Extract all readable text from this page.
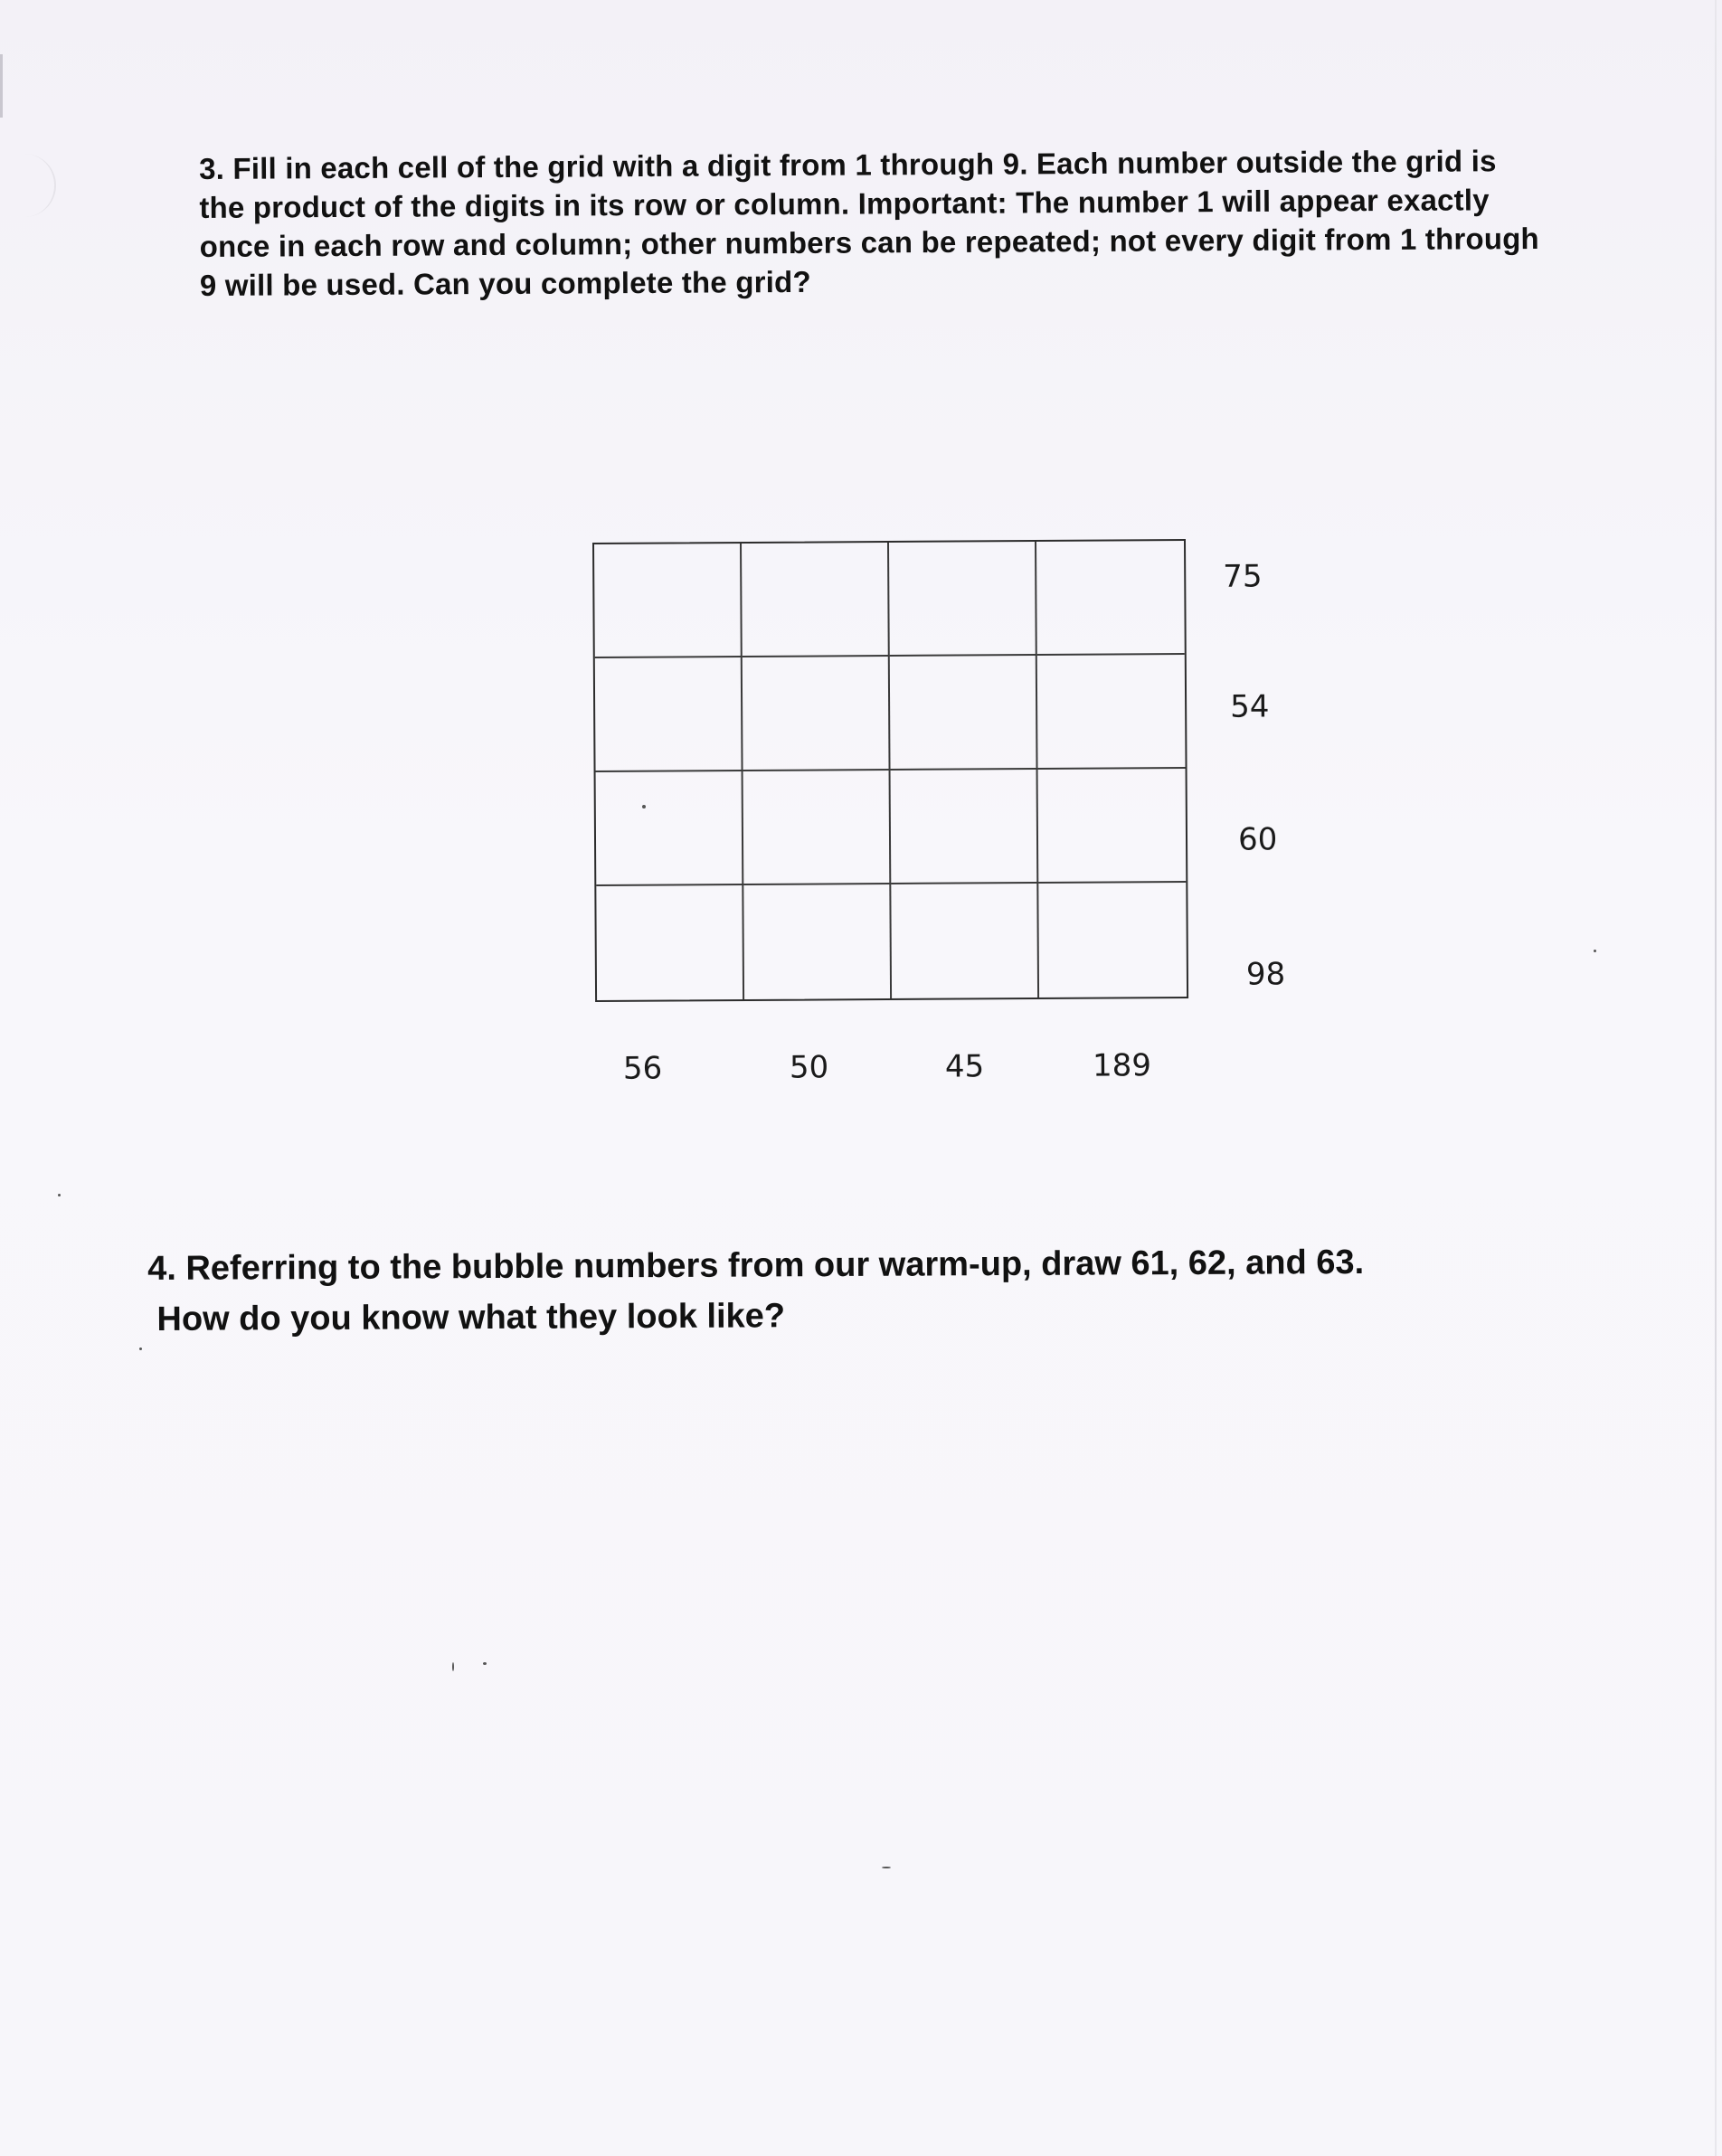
3. Fill in each cell of the grid with a digit from 1 through 9. Each number outside the grid is the product of the digits in its row or column. Important: The number 1 will appear exactly once in each row and column; other numbers can be repeated; not every digit from 1 through 9 will be used. Can you complete the grid?

75
54
60
98
56	50	45	189

4. Referring to the bubble numbers from our warm-up, draw 61, 62, and 63.
How do you know what they look like?
